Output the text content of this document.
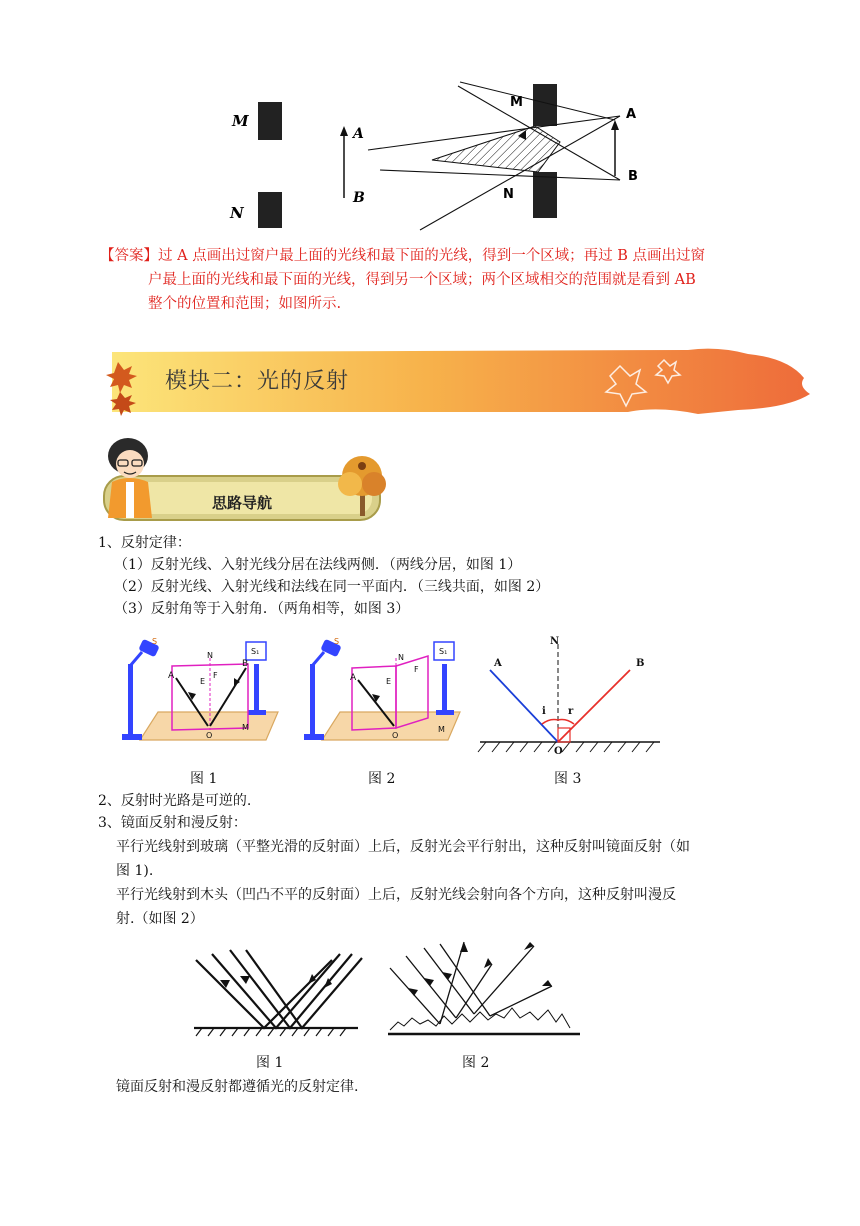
M
N
A
B
M
N
A
B
【答案】过 A 点画出过窗户最上面的光线和最下面的光线，得到一个区域；再过 B 点画出过窗
户最上面的光线和最下面的光线，得到另一个区域；两个区域相交的范围就是看到 AB
整个的位置和范围；如图所示.
模块二：光的反射
思路导航
1、反射定律：
（1）反射光线、入射光线分居在法线两侧．（两线分居，如图 1）
（2）反射光线、入射光线和法线在同一平面内．（三线共面，如图 2）
（3）反射角等于入射角．（两角相等，如图 3）
S
S₁
A
B
N
E
F
O
M
图 1
S
S₁
A
N
E
F
O
M
图 2
A	B
N
i r
O
图 3
2、反射时光路是可逆的.
3、镜面反射和漫反射：
平行光线射到玻璃（平整光滑的反射面）上后，反射光会平行射出，这种反射叫镜面反射（如
图 1).
平行光线射到木头（凹凸不平的反射面）上后，反射光线会射向各个方向，这种反射叫漫反
射.（如图 2）
图 1	图 2
镜面反射和漫反射都遵循光的反射定律.
